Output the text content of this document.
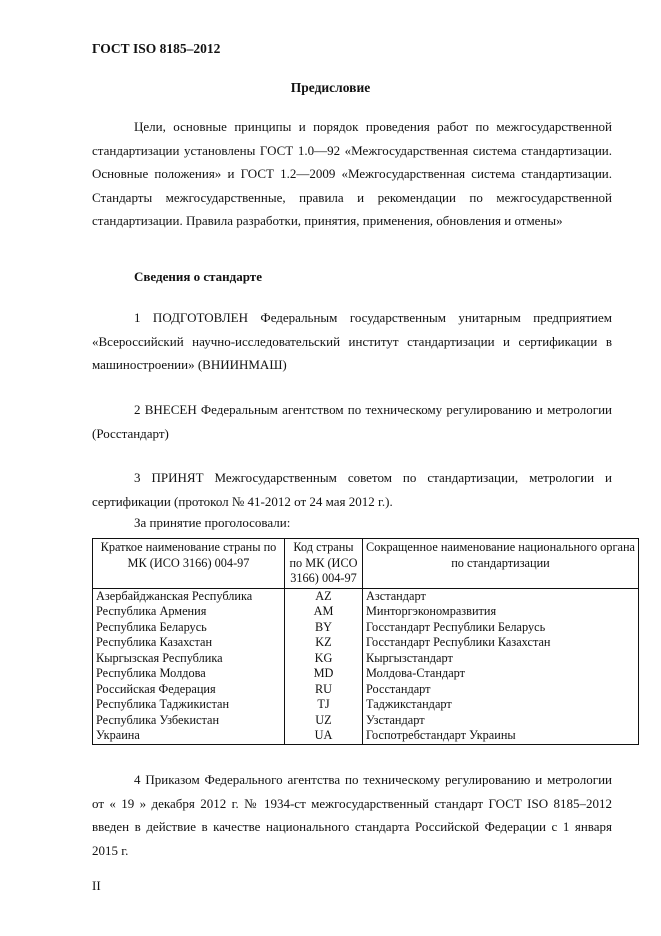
ГОСТ ISO 8185–2012
Предисловие
Цели, основные принципы и порядок проведения работ по межгосударственной стандартизации установлены ГОСТ 1.0—92 «Межгосударственная система стандартизации. Основные положения» и ГОСТ 1.2—2009 «Межгосударственная система стандартизации. Стандарты межгосударственные, правила и рекомендации по межгосударственной стандартизации. Правила разработки, принятия, применения, обновления и отмены»
Сведения о стандарте
1 ПОДГОТОВЛЕН Федеральным государственным унитарным предприятием «Всероссийский научно-исследовательский институт стандартизации и сертификации в машиностроении» (ВНИИНМАШ)
2 ВНЕСЕН Федеральным агентством по техническому регулированию и метрологии (Росстандарт)
3 ПРИНЯТ Межгосударственным советом по стандартизации, метрологии и сертификации (протокол № 41-2012 от 24 мая 2012 г.).
За принятие проголосовали:
Краткое наименование страны по МК (ИСО 3166) 004-97	Код страны по МК (ИСО 3166) 004-97	Сокращенное наименование национального органа по стандартизации
Азербайджанская Республика	AZ	Азстандарт
Республика Армения	AM	Минторгэкономразвития
Республика Беларусь	BY	Госстандарт Республики Беларусь
Республика Казахстан	KZ	Госстандарт Республики Казахстан
Кыргызская Республика	KG	Кыргызстандарт
Республика Молдова	MD	Молдова-Стандарт
Российская Федерация	RU	Росстандарт
Республика Таджикистан	TJ	Таджикстандарт
Республика Узбекистан	UZ	Узстандарт
Украина	UA	Госпотребстандарт Украины
4 Приказом Федерального агентства по техническому регулированию и метрологии от « 19 » декабря 2012 г. № 1934-ст межгосударственный стандарт ГОСТ ISO 8185–2012 введен в действие в качестве национального стандарта Российской Федерации с 1 января 2015 г.
II
